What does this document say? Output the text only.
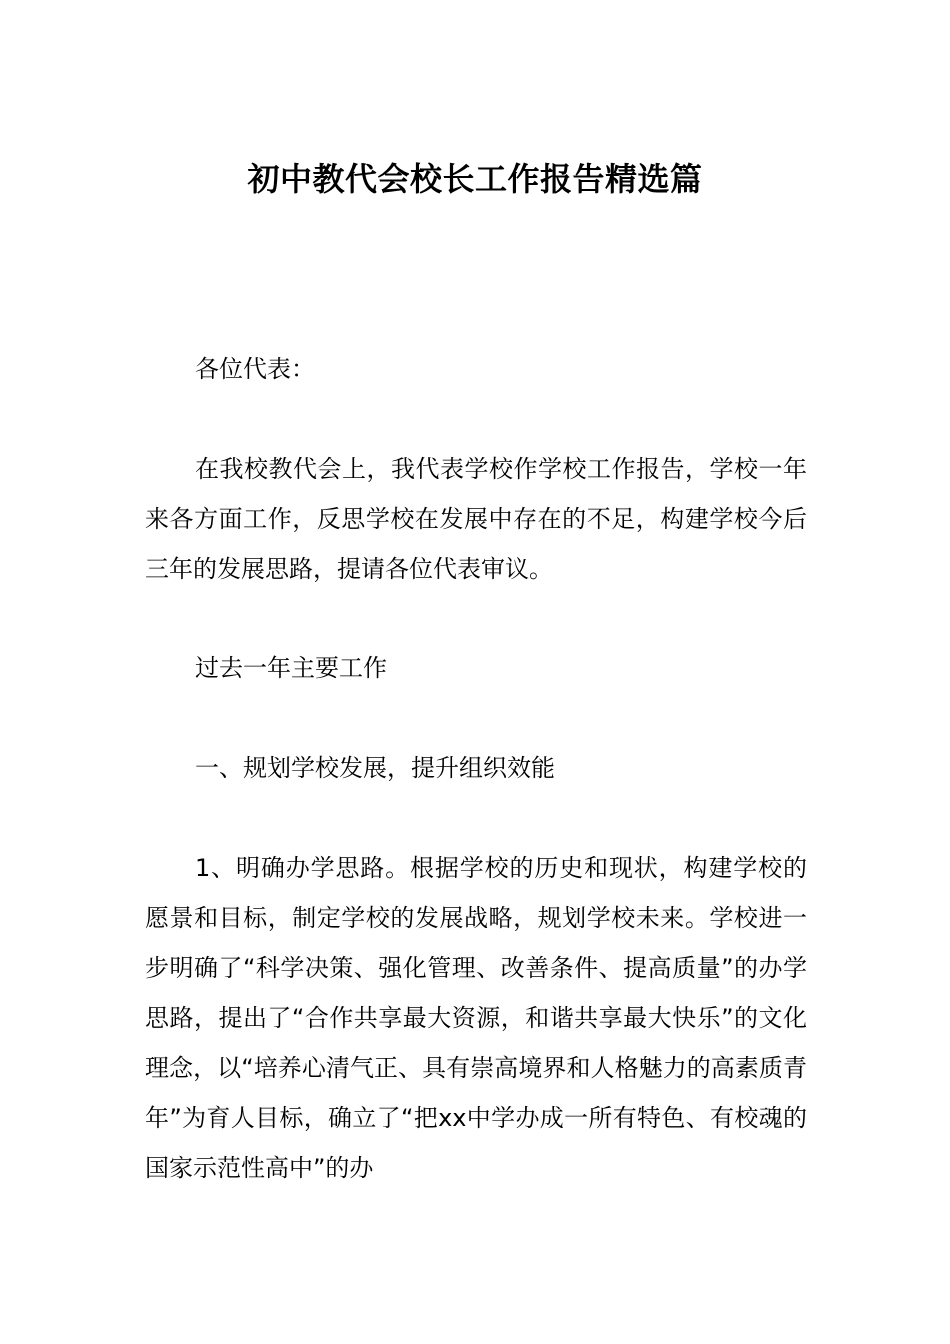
初中教代会校长工作报告精选篇

各位代表：

在我校教代会上，我代表学校作学校工作报告，学校一年来各方面工作，反思学校在发展中存在的不足，构建学校今后三年的发展思路，提请各位代表审议。

过去一年主要工作

一、规划学校发展，提升组织效能

1、明确办学思路。根据学校的历史和现状，构建学校的愿景和目标，制定学校的发展战略，规划学校未来。学校进一步明确了“科学决策、强化管理、改善条件、提高质量”的办学思路，提出了“合作共享最大资源，和谐共享最大快乐”的文化理念，以“培养心清气正、具有崇高境界和人格魅力的高素质青年”为育人目标，确立了“把xx中学办成一所有特色、有校魂的国家示范性高中”的办
